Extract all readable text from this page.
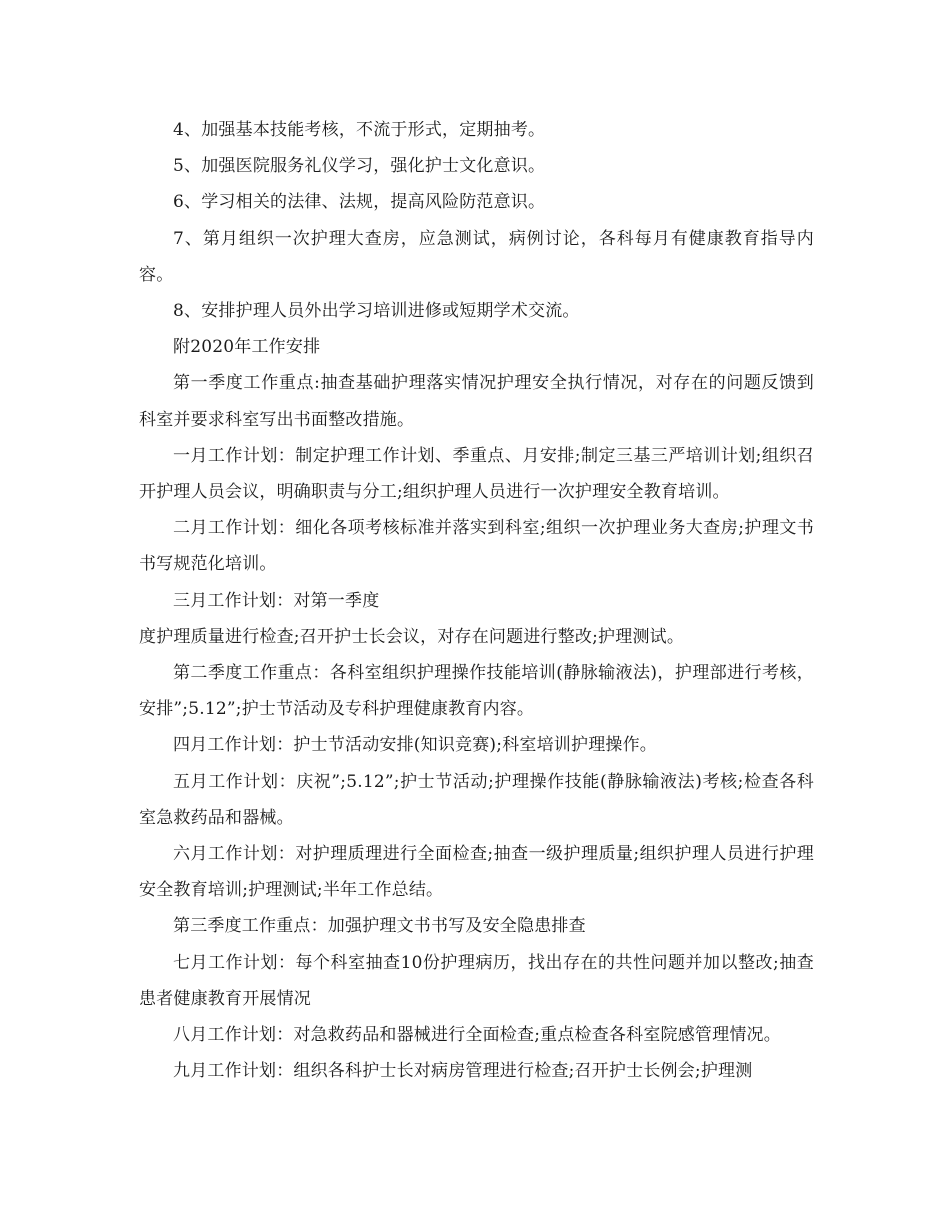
4、加强基本技能考核，不流于形式，定期抽考。

5、加强医院服务礼仪学习，强化护士文化意识。

6、学习相关的法律、法规，提高风险防范意识。

7、第月组织一次护理大查房，应急测试，病例讨论，各科每月有健康教育指导内容。

8、安排护理人员外出学习培训进修或短期学术交流。

附2020年工作安排

第一季度工作重点:抽查基础护理落实情况护理安全执行情况，对存在的问题反馈到科室并要求科室写出书面整改措施。

一月工作计划：制定护理工作计划、季重点、月安排;制定三基三严培训计划;组织召开护理人员会议，明确职责与分工;组织护理人员进行一次护理安全教育培训。

二月工作计划：细化各项考核标准并落实到科室;组织一次护理业务大查房;护理文书书写规范化培训。

三月工作计划：对第一季度

度护理质量进行检查;召开护士长会议，对存在问题进行整改;护理测试。

第二季度工作重点：各科室组织护理操作技能培训(静脉输液法)，护理部进行考核，安排”;5.12”;护士节活动及专科护理健康教育内容。

四月工作计划：护士节活动安排(知识竞赛);科室培训护理操作。

五月工作计划：庆祝”;5.12”;护士节活动;护理操作技能(静脉输液法)考核;检查各科室急救药品和器械。

六月工作计划：对护理质理进行全面检查;抽查一级护理质量;组织护理人员进行护理安全教育培训;护理测试;半年工作总结。

第三季度工作重点：加强护理文书书写及安全隐患排查

七月工作计划：每个科室抽查10份护理病历，找出存在的共性问题并加以整改;抽查患者健康教育开展情况

八月工作计划：对急救药品和器械进行全面检查;重点检查各科室院感管理情况。

九月工作计划：组织各科护士长对病房管理进行检查;召开护士长例会;护理测
